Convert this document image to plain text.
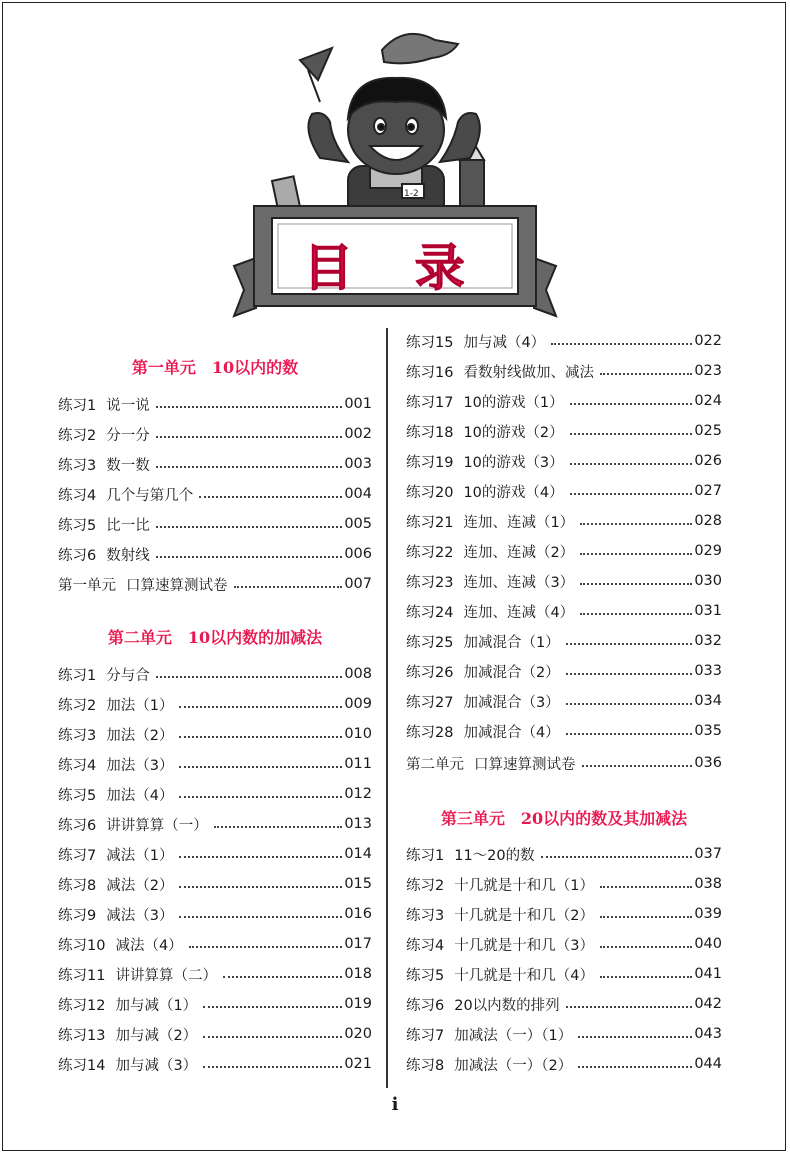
1-2
目 录
第一单元　10以内的数
练习1 说一说	001
练习2 分一分	002
练习3 数一数	003
练习4 几个与第几个	004
练习5 比一比	005
练习6 数射线	006
第一单元 口算速算测试卷	007
第二单元　10以内数的加减法
练习1 分与合	008
练习2 加法（1）	009
练习3 加法（2）	010
练习4 加法（3）	011
练习5 加法（4）	012
练习6 讲讲算算（一）	013
练习7 减法（1）	014
练习8 减法（2）	015
练习9 减法（3）	016
练习10 减法（4）	017
练习11 讲讲算算（二）	018
练习12 加与减（1）	019
练习13 加与减（2）	020
练习14 加与减（3）	021
练习15 加与减（4）	022
练习16 看数射线做加、减法	023
练习17 10的游戏（1）	024
练习18 10的游戏（2）	025
练习19 10的游戏（3）	026
练习20 10的游戏（4）	027
练习21 连加、连减（1）	028
练习22 连加、连减（2）	029
练习23 连加、连减（3）	030
练习24 连加、连减（4）	031
练习25 加减混合（1）	032
练习26 加减混合（2）	033
练习27 加减混合（3）	034
练习28 加减混合（4）	035
第二单元 口算速算测试卷	036
第三单元　20以内的数及其加减法
练习1 11～20的数	037
练习2 十几就是十和几（1）	038
练习3 十几就是十和几（2）	039
练习4 十几就是十和几（3）	040
练习5 十几就是十和几（4）	041
练习6 20以内数的排列	042
练习7 加减法（一）（1）	043
练习8 加减法（一）（2）	044
i
